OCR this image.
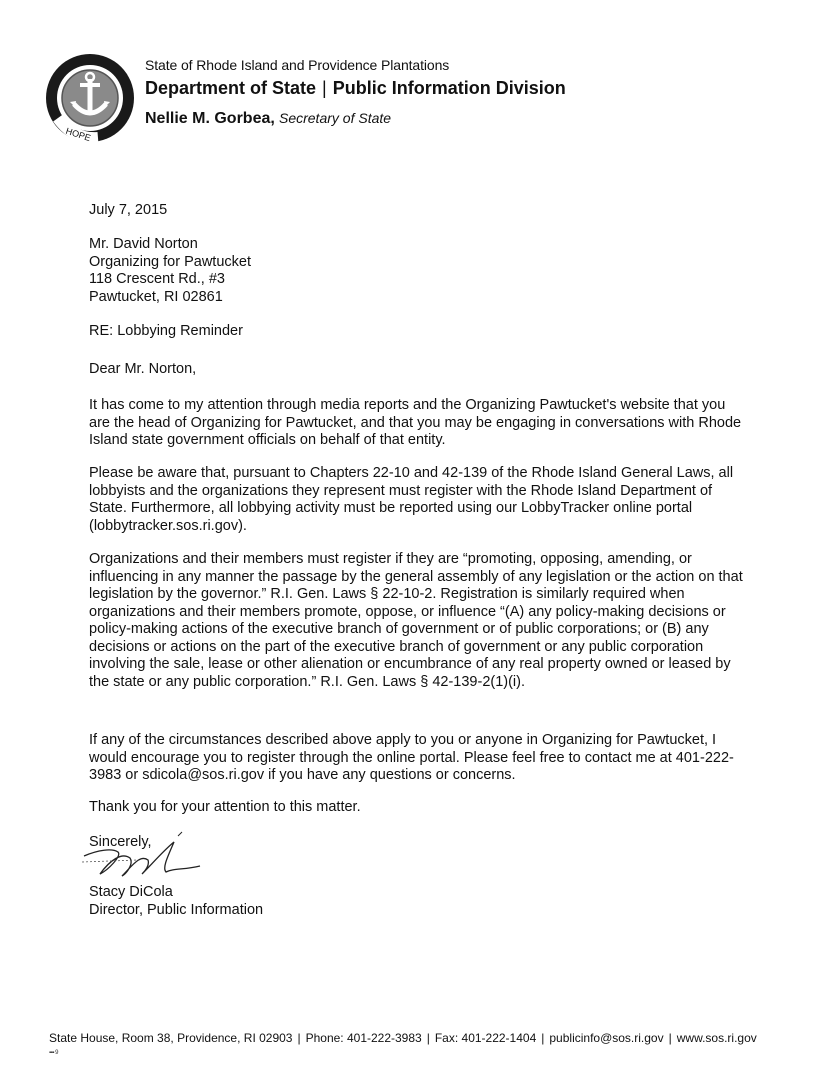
HOPE
State of Rhode Island and Providence Plantations
Department of State | Public Information Division
Nellie M. Gorbea, Secretary of State
July 7, 2015
Mr. David Norton
Organizing for Pawtucket
118 Crescent Rd., #3
Pawtucket, RI 02861
RE: Lobbying Reminder
Dear Mr. Norton,
It has come to my attention through media reports and the Organizing Pawtucket's website that you are the head of Organizing for Pawtucket, and that you may be engaging in conversations with Rhode Island state government officials on behalf of that entity.
Please be aware that, pursuant to Chapters 22-10 and 42-139 of the Rhode Island General Laws, all lobbyists and the organizations they represent must register with the Rhode Island Department of State. Furthermore, all lobbying activity must be reported using our LobbyTracker online portal (lobbytracker.sos.ri.gov).
Organizations and their members must register if they are “promoting, opposing, amending, or influencing in any manner the passage by the general assembly of any legislation or the action on that legislation by the governor.” R.I. Gen. Laws § 22-10-2. Registration is similarly required when organizations and their members promote, oppose, or influence “(A) any policy-making decisions or policy-making actions of the executive branch of government or of public corporations; or (B) any decisions or actions on the part of the executive branch of government or any public corporation involving the sale, lease or other alienation or encumbrance of any real property owned or leased by the state or any public corporation.” R.I. Gen. Laws § 42-139-2(1)(i).
If any of the circumstances described above apply to you or anyone in Organizing for Pawtucket, I would encourage you to register through the online portal. Please feel free to contact me at 401-222-3983 or sdicola@sos.ri.gov if you have any questions or concerns.
Thank you for your attention to this matter.
Sincerely,
Stacy DiCola
Director, Public Information
State House, Room 38, Providence, RI 02903 | Phone: 401-222-3983 | Fax: 401-222-1404 | publicinfo@sos.ri.gov | www.sos.ri.gov
▪▪▪ 9
